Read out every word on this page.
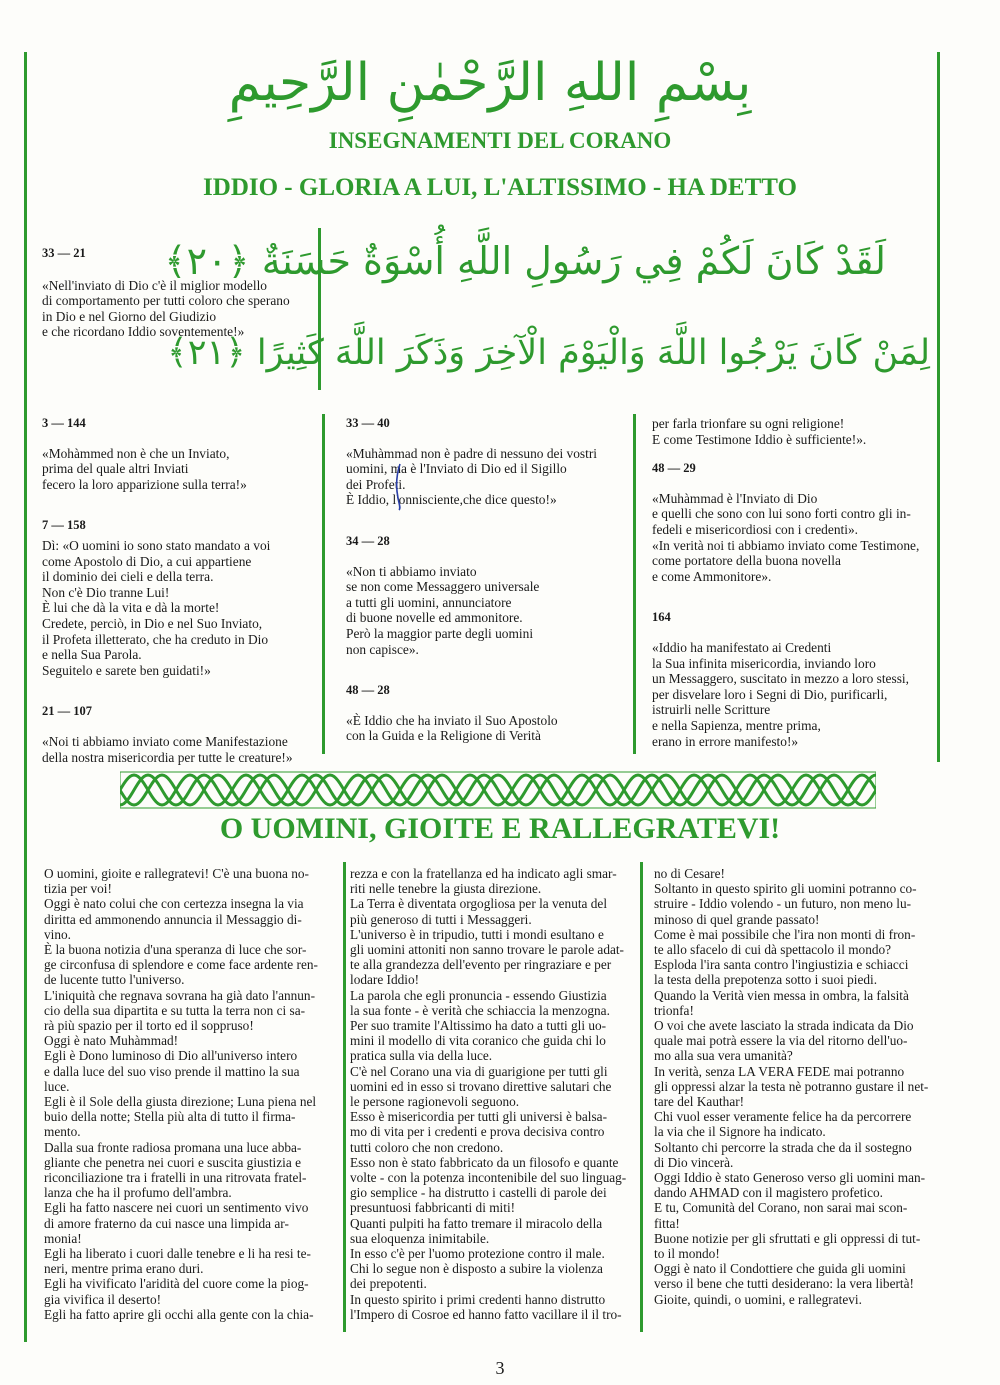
بِسْمِ اللهِ الرَّحْمٰنِ الرَّحِيمِ
INSEGNAMENTI DEL CORANO
IDDIO - GLORIA A LUI, L'ALTISSIMO - HA DETTO
33 — 21

«Nell'inviato di Dio c'è il miglior modello
di comportamento per tutti coloro che sperano
in Dio e nel Giorno del Giudizio
e che ricordano Iddio soventemente!»

لَقَدْ كَانَ لَكُمْ فِي رَسُولِ اللَّهِ أُسْوَةٌ حَسَنَةٌ ﴿٢٠﴾
لِمَنْ كَانَ يَرْجُوا اللَّهَ وَالْيَوْمَ الْآخِرَ وَذَكَرَ اللَّهَ كَثِيرًا ﴿٢١﴾
3 — 144

«Mohàmmed non è che un Inviato,
prima del quale altri Inviati
fecero la loro apparizione sulla terra!»

7 — 158

Dì: «O uomini io sono stato mandato a voi
come Apostolo di Dio, a cui appartiene
il dominio dei cieli e della terra.
Non c'è Dio tranne Lui!
È lui che dà la vita e dà la morte!
Credete, perciò, in Dio e nel Suo Inviato,
il Profeta illetterato, che ha creduto in Dio
e nella Sua Parola.
Seguitelo e sarete ben guidati!»

21 — 107

«Noi ti abbiamo inviato come Manifestazione
della nostra misericordia per tutte le creature!»

33 — 40

«Muhàmmad non è padre di nessuno dei vostri
uomini, ma è l'Inviato di Dio ed il Sigillo
dei Profeti.
È Iddio, l'onnisciente,che dice questo!»

34 — 28

«Non ti abbiamo inviato
se non come Messaggero universale
a tutti gli uomini, annunciatore
di buone novelle ed ammonitore.
Però la maggior parte degli uomini
non capisce».

48 — 28

«È Iddio che ha inviato il Suo Apostolo
con la Guida e la Religione di Verità

per farla trionfare su ogni religione!
E come Testimone Iddio è sufficiente!».

48 — 29

«Muhàmmad è l'Inviato di Dio
e quelli che sono con lui sono forti contro gli in-
fedeli e misericordiosi con i credenti».
«In verità noi ti abbiamo inviato come Testimone,
come portatore della buona novella
e come Ammonitore».

164

«Iddio ha manifestato ai Credenti
la Sua infinita misericordia, inviando loro
un Messaggero, suscitato in mezzo a loro stessi,
per disvelare loro i Segni di Dio, purificarli,
istruirli nelle Scritture
e nella Sapienza, mentre prima,
erano in errore manifesto!»

O UOMINI, GIOITE E RALLEGRATEVI!

O uomini, gioite e rallegratevi! C'è una buona no-
tizia per voi!
Oggi è nato colui che con certezza insegna la via
diritta ed ammonendo annuncia il Messaggio di-
vino.
È la buona notizia d'una speranza di luce che sor-
ge circonfusa di splendore e come face ardente ren-
de lucente tutto l'universo.
L'iniquità che regnava sovrana ha già dato l'annun-
cio della sua dipartita e su tutta la terra non ci sa-
rà più spazio per il torto ed il sopprusо!
Oggi è nato Muhàmmad!
Egli è Dono luminoso di Dio all'universo intero
e dalla luce del suo viso prende il mattino la sua
luce.
Egli è il Sole della giusta direzione; Luna piena nel
buio della notte; Stella più alta di tutto il firma-
mento.
Dalla sua fronte radiosa promana una luce abba-
gliante che penetra nei cuori e suscita giustizia e
riconciliazione tra i fratelli in una ritrovata fratel-
lanza che ha il profumo dell'ambra.
Egli ha fatto nascere nei cuori un sentimento vivo
di amore fraterno da cui nasce una limpida ar-
monia!
Egli ha liberato i cuori dalle tenebre e li ha resi te-
neri, mentre prima erano duri.
Egli ha vivificato l'aridità del cuore come la piog-
gia vivifica il deserto!
Egli ha fatto aprire gli occhi alla gente con la chia-

rezza e con la fratellanza ed ha indicato agli smar-
riti nelle tenebre la giusta direzione.
La Terra è diventata orgogliosa per la venuta del
più generoso di tutti i Messaggeri.
L'universo è in tripudio, tutti i mondi esultano e
gli uomini attoniti non sanno trovare le parole adat-
te alla grandezza dell'evento per ringraziare e per
lodare Iddio!
La parola che egli pronuncia - essendo Giustizia
la sua fonte - è verità che schiaccia la menzogna.
Per suo tramite l'Altissimo ha dato a tutti gli uo-
mini il modello di vita coranico che guida chi lo
pratica sulla via della luce.
C'è nel Corano una via di guarigione per tutti gli
uomini ed in esso si trovano direttive salutari che
le persone ragionevoli seguono.
Esso è misericordia per tutti gli universi è balsa-
mo di vita per i credenti e prova decisiva contro
tutti coloro che non credono.
Esso non è stato fabbricato da un filosofo e quante
volte - con la potenza incontenibile del suo linguag-
gio semplice - ha distrutto i castelli di parole dei
presuntuosi fabbricanti di miti!
Quanti pulpiti ha fatto tremare il miracolo della
sua eloquenza inimitabile.
In esso c'è per l'uomo protezione contro il male.
Chi lo segue non è disposto a subire la violenza
dei prepotenti.
In questo spirito i primi credenti hanno distrutto
l'Impero di Cosroe ed hanno fatto vacillare il il tro-

no di Cesare!
Soltanto in questo spirito gli uomini potranno co-
struire - Iddio volendo - un futuro, non meno lu-
minoso di quel grande passato!
Come è mai possibile che l'ira non monti di fron-
te allo sfacelo di cui dà spettacolo il mondo?
Esploda l'ira santa contro l'ingiustizia e schiacci
la testa della prepotenza sotto i suoi piedi.
Quando la Verità vien messa in ombra, la falsità
trionfa!
O voi che avete lasciato la strada indicata da Dio
quale mai potrà essere la via del ritorno dell'uo-
mo alla sua vera umanità?
In verità, senza LA VERA FEDE mai potranno
gli oppressi alzar la testa nè potranno gustare il net-
tare del Kauthar!
Chi vuol esser veramente felice ha da percorrere
la via che il Signore ha indicato.
Soltanto chi percorre la strada che da il sostegno
di Dio vincerà.
Oggi Iddio è stato Generoso verso gli uomini man-
dando AHMAD con il magistero profetico.
E tu, Comunità del Corano, non sarai mai scon-
fitta!
Buone notizie per gli sfruttati e gli oppressi di tut-
to il mondo!
Oggi è nato il Condottiere che guida gli uomini
verso il bene che tutti desiderano: la vera libertà!
Gioite, quindi, o uomini, e rallegratevi.

3
